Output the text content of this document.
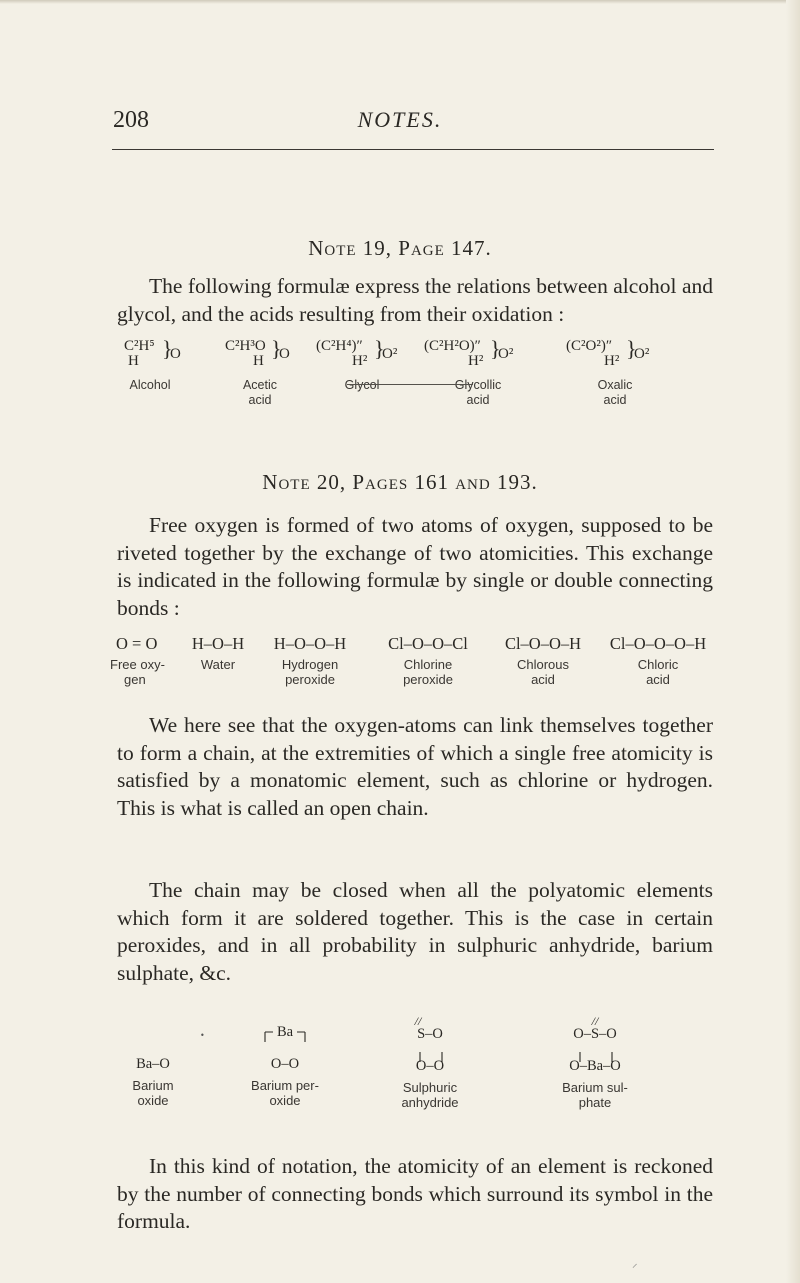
208	NOTES.
Note 19, Page 147.
The following formulæ express the relations between alcohol and glycol, and the acids resulting from their oxidation :
C²H⁵
H }
O
Alcohol
C²H³O
H }
O
Acetic
acid
(C²H⁴)″
H² }
O²
Glycol
(C²H²O)″
H² }
O²
Glycollic
acid
(C²O²)″
H² }
O²
Oxalic
acid
Note 20, Pages 161 and 193.
Free oxygen is formed of two atoms of oxygen, supposed to be riveted together by the exchange of two atomicities. This exchange is indicated in the following formulæ by single or double connecting bonds :
O = O
Free oxy-
gen
H–O–H
Water
H–O–O–H
Hydrogen
peroxide
Cl–O–O–Cl
Chlorine
peroxide
Cl–O–O–H
Chlorous
acid
Cl–O–O–O–H
Chloric
acid
We here see that the oxygen-atoms can link themselves together to form a chain, at the extremities of which a single free atomicity is satisfied by a monatomic element, such as chlorine or hydrogen. This is what is called an open chain.
The chain may be closed when all the polyatomic elements which form it are soldered together. This is the case in certain peroxides, and in all probability in sulphuric anhydride, barium sulphate, &c.
•
Ba–O
Barium
oxide
Ba
O–O
Barium per-
oxide
//
S–O
O–O
Sulphuric
anhydride
//
O–S–O
O–Ba–O
Barium sul-
phate
In this kind of notation, the atomicity of an element is reckoned by the number of connecting bonds which surround its symbol in the formula.
⸝
